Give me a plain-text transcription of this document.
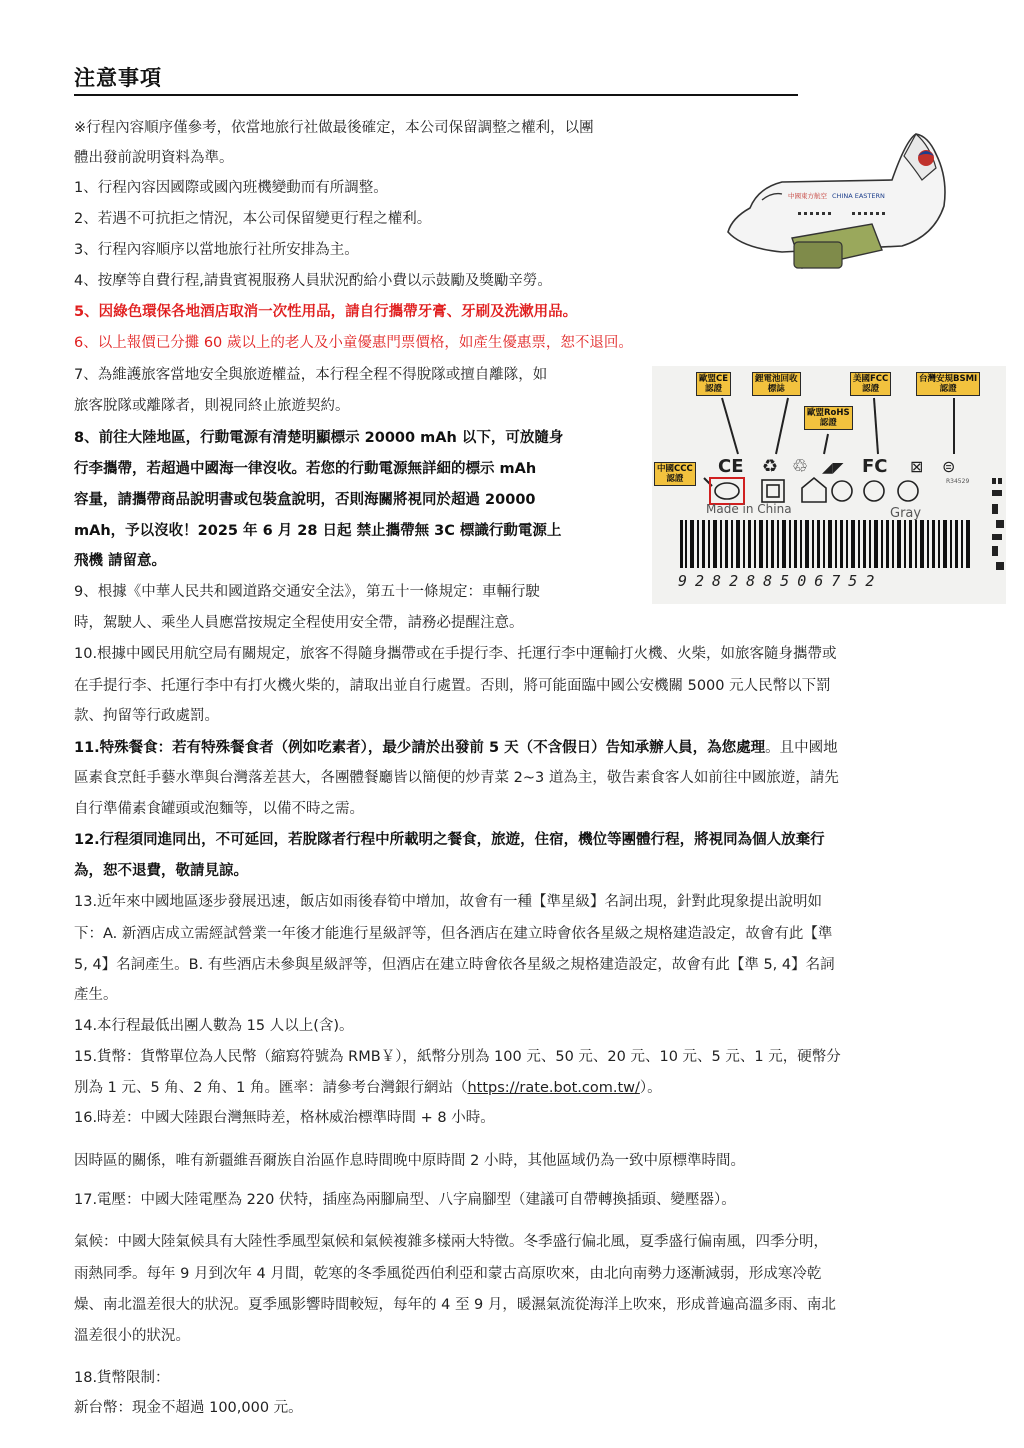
注意事項
※行程內容順序僅參考，依當地旅行社做最後確定，本公司保留調整之權利，以團
體出發前說明資料為準。
1、行程內容因國際或國內班機變動而有所調整。
2、若遇不可抗拒之情況，本公司保留變更行程之權利。
3、行程內容順序以當地旅行社所安排為主。
4、按摩等自費行程,請貴賓視服務人員狀況酌給小費以示鼓勵及獎勵辛勞。
5、因綠色環保各地酒店取消一次性用品，請自行攜帶牙膏、牙刷及洗漱用品。
6、以上報價已分攤 60 歲以上的老人及小童優惠門票價格，如產生優惠票，恕不退回。
7、為維護旅客當地安全與旅遊權益，本行程全程不得脫隊或擅自離隊，如
旅客脫隊或離隊者，則視同終止旅遊契約。
8、前往大陸地區，行動電源有清楚明顯標示 20000 mAh 以下，可放隨身
行李攜帶，若超過中國海一律沒收。若您的行動電源無詳細的標示 mAh
容量，請攜帶商品說明書或包裝盒說明，否則海關將視同於超過 20000
mAh，予以沒收！2025 年 6 月 28 日起 禁止攜帶無 3C 標識行動電源上
飛機 請留意。
9、根據《中華人民共和國道路交通安全法》，第五十一條規定：車輛行駛
時，駕駛人、乘坐人員應當按規定全程使用安全帶，請務必提醒注意。
10.根據中國民用航空局有關規定，旅客不得隨身攜帶或在手提行李、托運行李中運輸打火機、火柴，如旅客隨身攜帶或
在手提行李、托運行李中有打火機火柴的，請取出並自行處置。否則，將可能面臨中國公安機關 5000 元人民幣以下罰
款、拘留等行政處罰。
11.特殊餐食：若有特殊餐食者（例如吃素者），最少請於出發前 5 天（不含假日）告知承辦人員，為您處理。且中國地
區素食烹飪手藝水準與台灣落差甚大，各團體餐廳皆以簡便的炒青菜 2~3 道為主，敬告素食客人如前往中國旅遊，請先
自行準備素食罐頭或泡麵等，以備不時之需。
12.行程須同進同出，不可延回，若脫隊者行程中所載明之餐食，旅遊，住宿，機位等團體行程，將視同為個人放棄行
為，恕不退費，敬請見諒。
13.近年來中國地區逐步發展迅速，飯店如雨後春筍中增加，故會有一種【準星級】名詞出現，針對此現象提出說明如
下：A. 新酒店成立需經試營業一年後才能進行星級評等，但各酒店在建立時會依各星級之規格建造設定，故會有此【準
5, 4】名詞產生。B. 有些酒店未參與星級評等，但酒店在建立時會依各星級之規格建造設定，故會有此【準 5, 4】名詞
產生。
14.本行程最低出團人數為 15 人以上(含)。
15.貨幣：貨幣單位為人民幣（縮寫符號為 RMB￥），紙幣分別為 100 元、50 元、20 元、10 元、5 元、1 元，硬幣分
別為 1 元、5 角、2 角、1 角。匯率：請參考台灣銀行網站（https://rate.bot.com.tw/）。
16.時差：中國大陸跟台灣無時差，格林威治標準時間 + 8 小時。
因時區的關係，唯有新疆維吾爾族自治區作息時間晚中原時間 2 小時，其他區域仍為一致中原標準時間。
17.電壓：中國大陸電壓為 220 伏特，插座為兩腳扁型、八字扁腳型（建議可自帶轉換插頭、變壓器）。
氣候：中國大陸氣候具有大陸性季風型氣候和氣候複雜多樣兩大特徵。冬季盛行偏北風，夏季盛行偏南風，四季分明，
雨熱同季。每年 9 月到次年 4 月間，乾寒的冬季風從西伯利亞和蒙古高原吹來，由北向南勢力逐漸減弱，形成寒冷乾
燥、南北溫差很大的狀況。夏季風影響時間較短，每年的 4 至 9 月，暖濕氣流從海洋上吹來，形成普遍高溫多雨、南北
溫差很小的狀況。
18.貨幣限制：
新台幣：現金不超過 100,000 元。
中國東方航空 CHINA EASTERN
歐盟CE
認證
鋰電池回收
標誌
美國FCC
認證
台灣安規BSMI
認證
歐盟RoHS
認證
中國CCC
認證
CE ♻ ♲ ◢◤ FC ⊠ ⊜
Made in China	Gray
R34529
928288506752
